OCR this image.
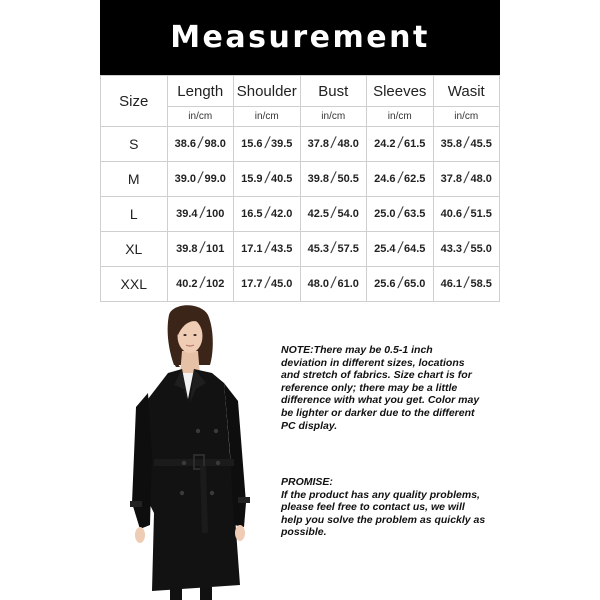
Measurement
Size	Length	Shoulder	Bust	Sleeves	Wasit
	in/cm	in/cm	in/cm	in/cm	in/cm
S	38.6/98.0	15.6/39.5	37.8/48.0	24.2/61.5	35.8/45.5
M	39.0/99.0	15.9/40.5	39.8/50.5	24.6/62.5	37.8/48.0
L	39.4/100	16.5/42.0	42.5/54.0	25.0/63.5	40.6/51.5
XL	39.8/101	17.1/43.5	45.3/57.5	25.4/64.5	43.3/55.0
XXL	40.2/102	17.7/45.0	48.0/61.0	25.6/65.0	46.1/58.5
NOTE:There may be 0.5-1 inch deviation in different sizes, locations and stretch of fabrics. Size chart is for reference only; there may be a little difference with what you get. Color may be lighter or darker due to the different PC display.
PROMISE:
If the product has any quality problems, please feel free to contact us, we will help you solve the problem as quickly as possible.
